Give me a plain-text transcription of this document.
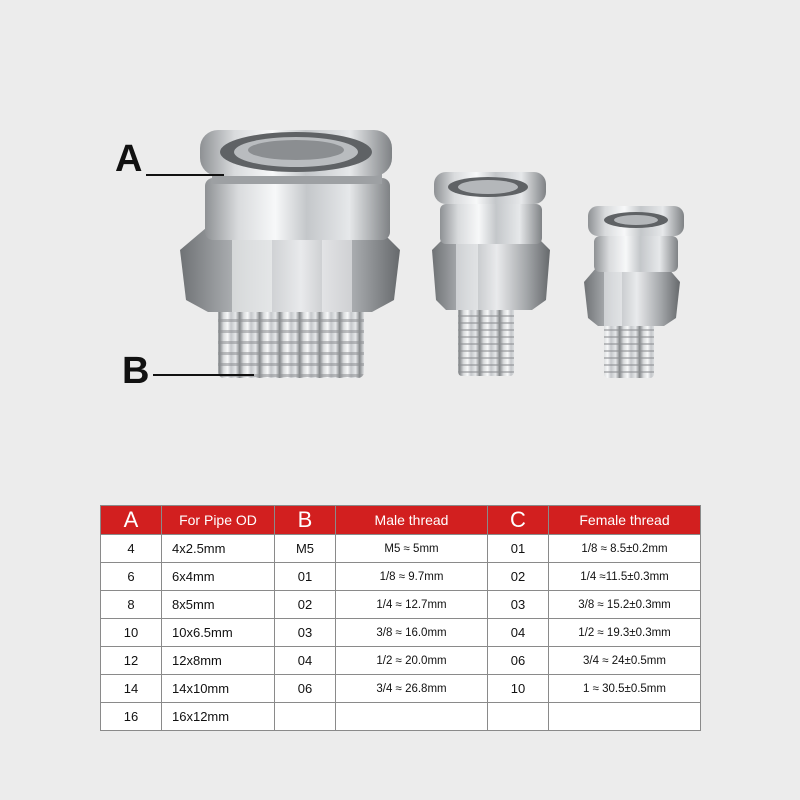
A
B
A	For Pipe OD	B	Male thread	C	Female thread
4	4x2.5mm	M5	M5 ≈ 5mm	01	1/8 ≈ 8.5±0.2mm
6	6x4mm	01	1/8 ≈ 9.7mm	02	1/4 ≈11.5±0.3mm
8	8x5mm	02	1/4 ≈ 12.7mm	03	3/8 ≈ 15.2±0.3mm
10	10x6.5mm	03	3/8 ≈ 16.0mm	04	1/2 ≈ 19.3±0.3mm
12	12x8mm	04	1/2 ≈ 20.0mm	06	3/4 ≈ 24±0.5mm
14	14x10mm	06	3/4 ≈ 26.8mm	10	1 ≈ 30.5±0.5mm
16	16x12mm				
